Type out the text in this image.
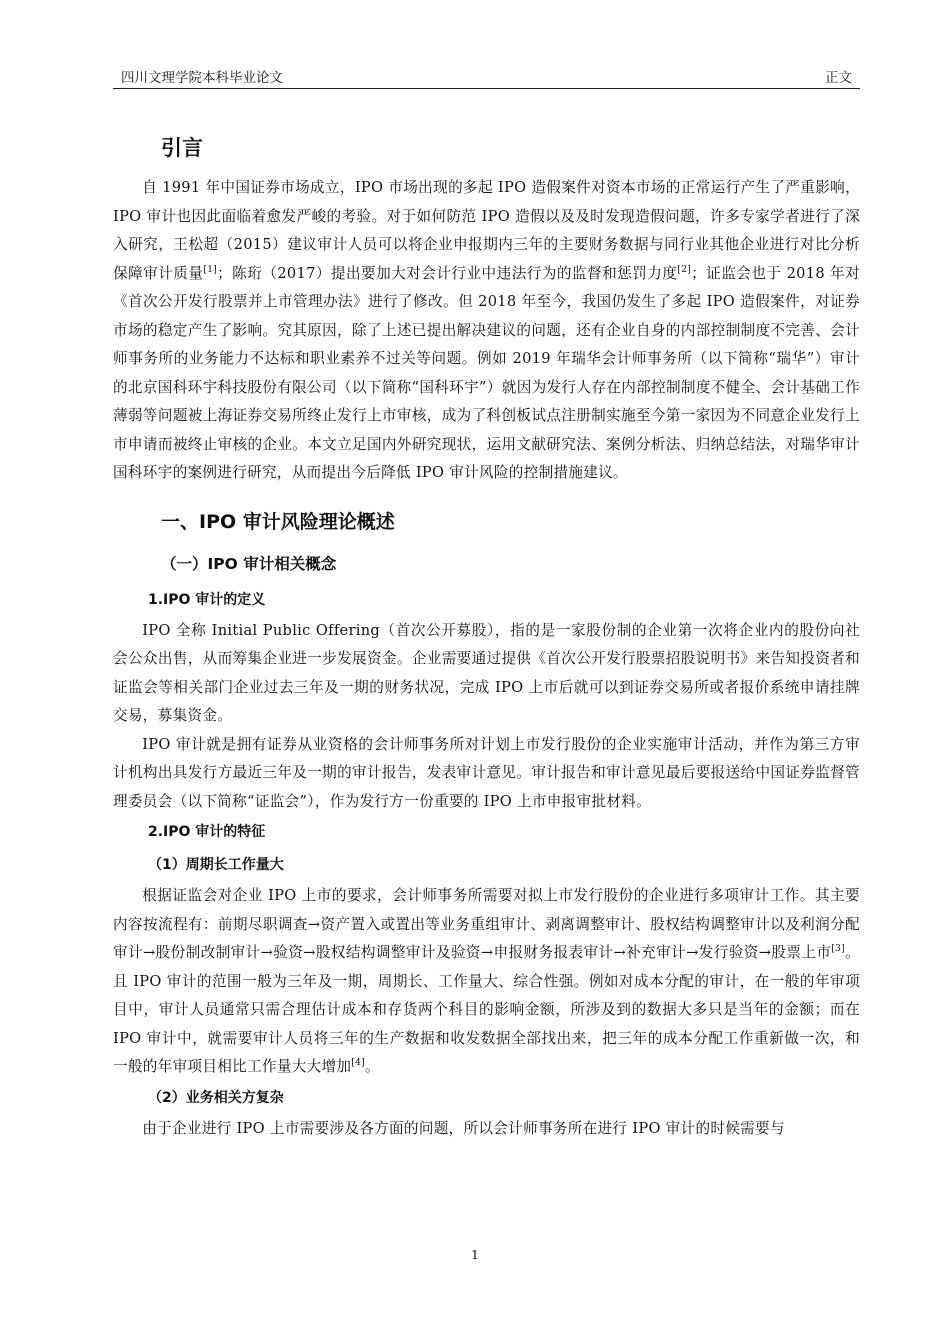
四川文理学院本科毕业论文	正文
引言

自 1991 年中国证券市场成立，IPO 市场出现的多起 IPO 造假案件对资本市场的正常运行产生了严重影响，IPO 审计也因此面临着愈发严峻的考验。对于如何防范 IPO 造假以及及时发现造假问题，许多专家学者进行了深入研究，王松超（2015）建议审计人员可以将企业申报期内三年的主要财务数据与同行业其他企业进行对比分析保障审计质量[1]；陈珩（2017）提出要加大对会计行业中违法行为的监督和惩罚力度[2]；证监会也于 2018 年对《首次公开发行股票并上市管理办法》进行了修改。但 2018 年至今，我国仍发生了多起 IPO 造假案件，对证券市场的稳定产生了影响。究其原因，除了上述已提出解决建议的问题，还有企业自身的内部控制制度不完善、会计师事务所的业务能力不达标和职业素养不过关等问题。例如 2019 年瑞华会计师事务所（以下简称“瑞华”）审计的北京国科环宇科技股份有限公司（以下简称“国科环宇”）就因为发行人存在内部控制制度不健全、会计基础工作薄弱等问题被上海证券交易所终止发行上市审核，成为了科创板试点注册制实施至今第一家因为不同意企业发行上市申请而被终止审核的企业。本文立足国内外研究现状，运用文献研究法、案例分析法、归纳总结法，对瑞华审计国科环宇的案例进行研究，从而提出今后降低 IPO 审计风险的控制措施建议。

一、IPO 审计风险理论概述
（一）IPO 审计相关概念
1.IPO 审计的定义

IPO 全称 Initial Public Offering（首次公开募股），指的是一家股份制的企业第一次将企业内的股份向社会公众出售，从而筹集企业进一步发展资金。企业需要通过提供《首次公开发行股票招股说明书》来告知投资者和证监会等相关部门企业过去三年及一期的财务状况，完成 IPO 上市后就可以到证券交易所或者报价系统申请挂牌交易，募集资金。

IPO 审计就是拥有证券从业资格的会计师事务所对计划上市发行股份的企业实施审计活动，并作为第三方审计机构出具发行方最近三年及一期的审计报告，发表审计意见。审计报告和审计意见最后要报送给中国证券监督管理委员会（以下简称“证监会”），作为发行方一份重要的 IPO 上市申报审批材料。

2.IPO 审计的特征
（1）周期长工作量大

根据证监会对企业 IPO 上市的要求，会计师事务所需要对拟上市发行股份的企业进行多项审计工作。其主要内容按流程有：前期尽职调查→资产置入或置出等业务重组审计、剥离调整审计、股权结构调整审计以及利润分配审计→股份制改制审计→验资→股权结构调整审计及验资→申报财务报表审计→补充审计→发行验资→股票上市[3]。且 IPO 审计的范围一般为三年及一期，周期长、工作量大、综合性强。例如对成本分配的审计，在一般的年审项目中，审计人员通常只需合理估计成本和存货两个科目的影响金额，所涉及到的数据大多只是当年的金额；而在 IPO 审计中，就需要审计人员将三年的生产数据和收发数据全部找出来，把三年的成本分配工作重新做一次，和一般的年审项目相比工作量大大增加[4]。

（2）业务相关方复杂

由于企业进行 IPO 上市需要涉及各方面的问题，所以会计师事务所在进行 IPO 审计的时候需要与

1
